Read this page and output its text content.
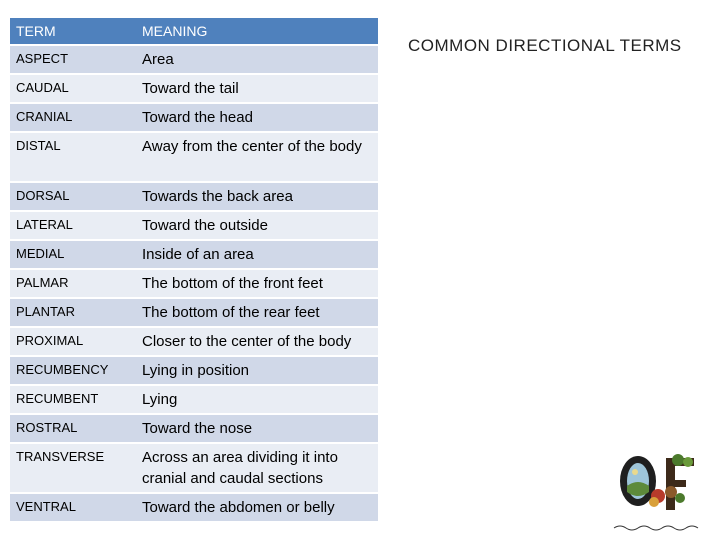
TERM	MEANING
ASPECT	Area
CAUDAL	Toward the tail
CRANIAL	Toward the head
DISTAL	Away from the center of the body
DORSAL	Towards the back area
LATERAL	Toward the outside
MEDIAL	Inside of an area
PALMAR	The bottom of the front feet
PLANTAR	The bottom of the rear feet
PROXIMAL	Closer to the center of the body
RECUMBENCY	Lying in position
RECUMBENT	Lying
ROSTRAL	Toward the nose
TRANSVERSE	Across an area dividing it into cranial and caudal sections
VENTRAL	Toward the abdomen or belly
COMMON DIRECTIONAL TERMS
